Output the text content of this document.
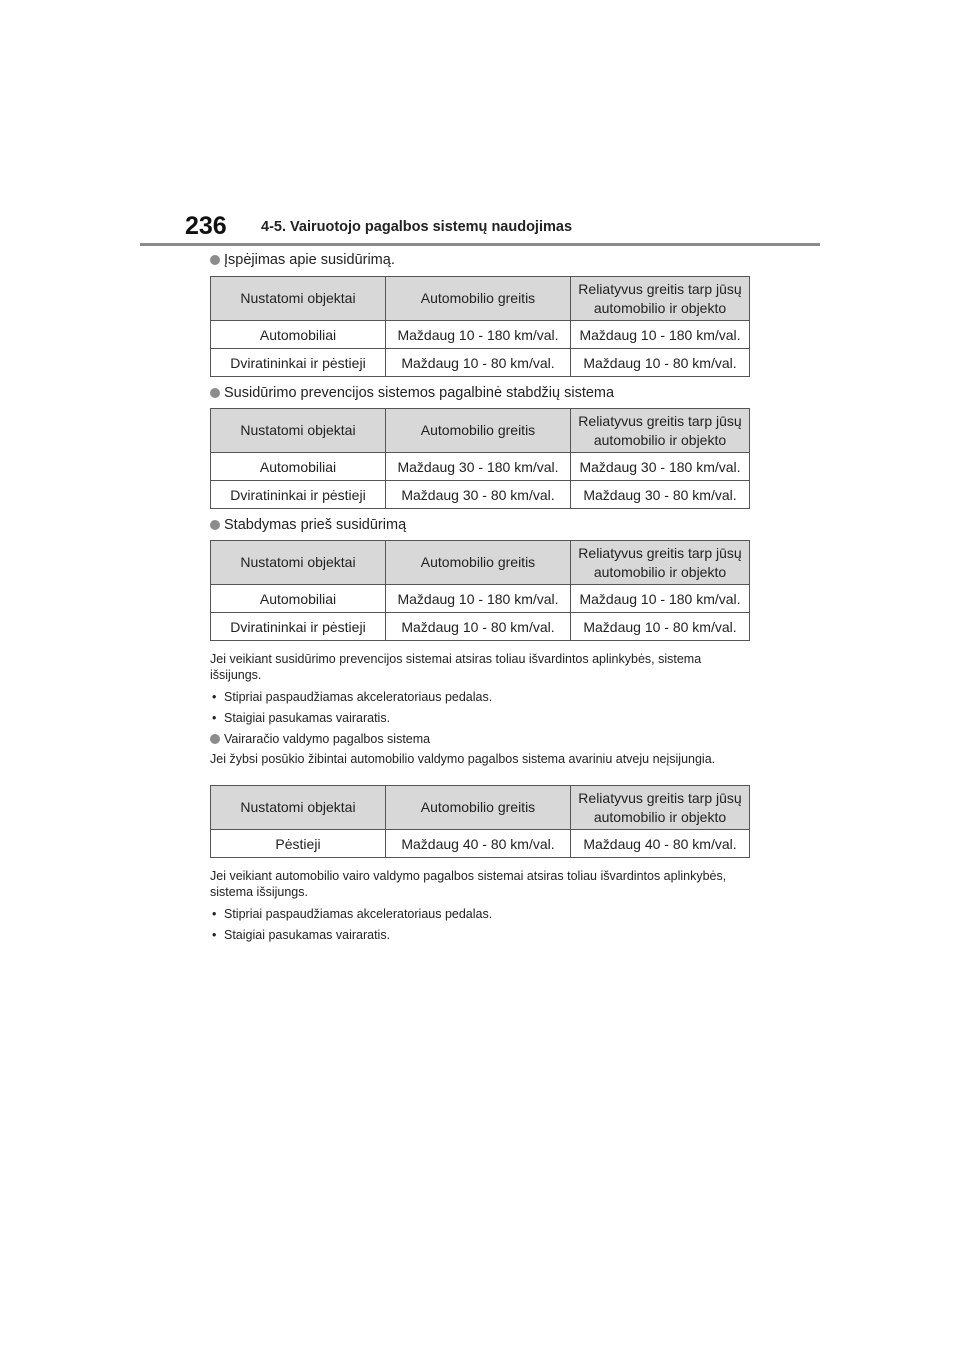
236 4-5. Vairuotojo pagalbos sistemų naudojimas

Įspėjimas apie susidūrimą.

Nustatomi objektai	Automobilio greitis	Reliatyvus greitis tarp jūsų automobilio ir objekto
Automobiliai	Maždaug 10 - 180 km/val.	Maždaug 10 - 180 km/val.
Dviratininkai ir pėstieji	Maždaug 10 - 80 km/val.	Maždaug 10 - 80 km/val.

Susidūrimo prevencijos sistemos pagalbinė stabdžių sistema

Nustatomi objektai	Automobilio greitis	Reliatyvus greitis tarp jūsų automobilio ir objekto
Automobiliai	Maždaug 30 - 180 km/val.	Maždaug 30 - 180 km/val.
Dviratininkai ir pėstieji	Maždaug 30 - 80 km/val.	Maždaug 30 - 80 km/val.

Stabdymas prieš susidūrimą

Nustatomi objektai	Automobilio greitis	Reliatyvus greitis tarp jūsų automobilio ir objekto
Automobiliai	Maždaug 10 - 180 km/val.	Maždaug 10 - 180 km/val.
Dviratininkai ir pėstieji	Maždaug 10 - 80 km/val.	Maždaug 10 - 80 km/val.

Jei veikiant susidūrimo prevencijos sistemai atsiras toliau išvardintos aplinkybės, sistema išsijungs.

• Stipriai paspaudžiamas akceleratoriaus pedalas.

• Staigiai pasukamas vairaratis.

Vairaračio valdymo pagalbos sistema

Jei žybsi posūkio žibintai automobilio valdymo pagalbos sistema avariniu atveju neįsijungia.

Nustatomi objektai	Automobilio greitis	Reliatyvus greitis tarp jūsų automobilio ir objekto
Pėstieji	Maždaug 40 - 80 km/val.	Maždaug 40 - 80 km/val.

Jei veikiant automobilio vairo valdymo pagalbos sistemai atsiras toliau išvardintos aplinkybės, sistema išsijungs.

• Stipriai paspaudžiamas akceleratoriaus pedalas.

• Staigiai pasukamas vairaratis.
